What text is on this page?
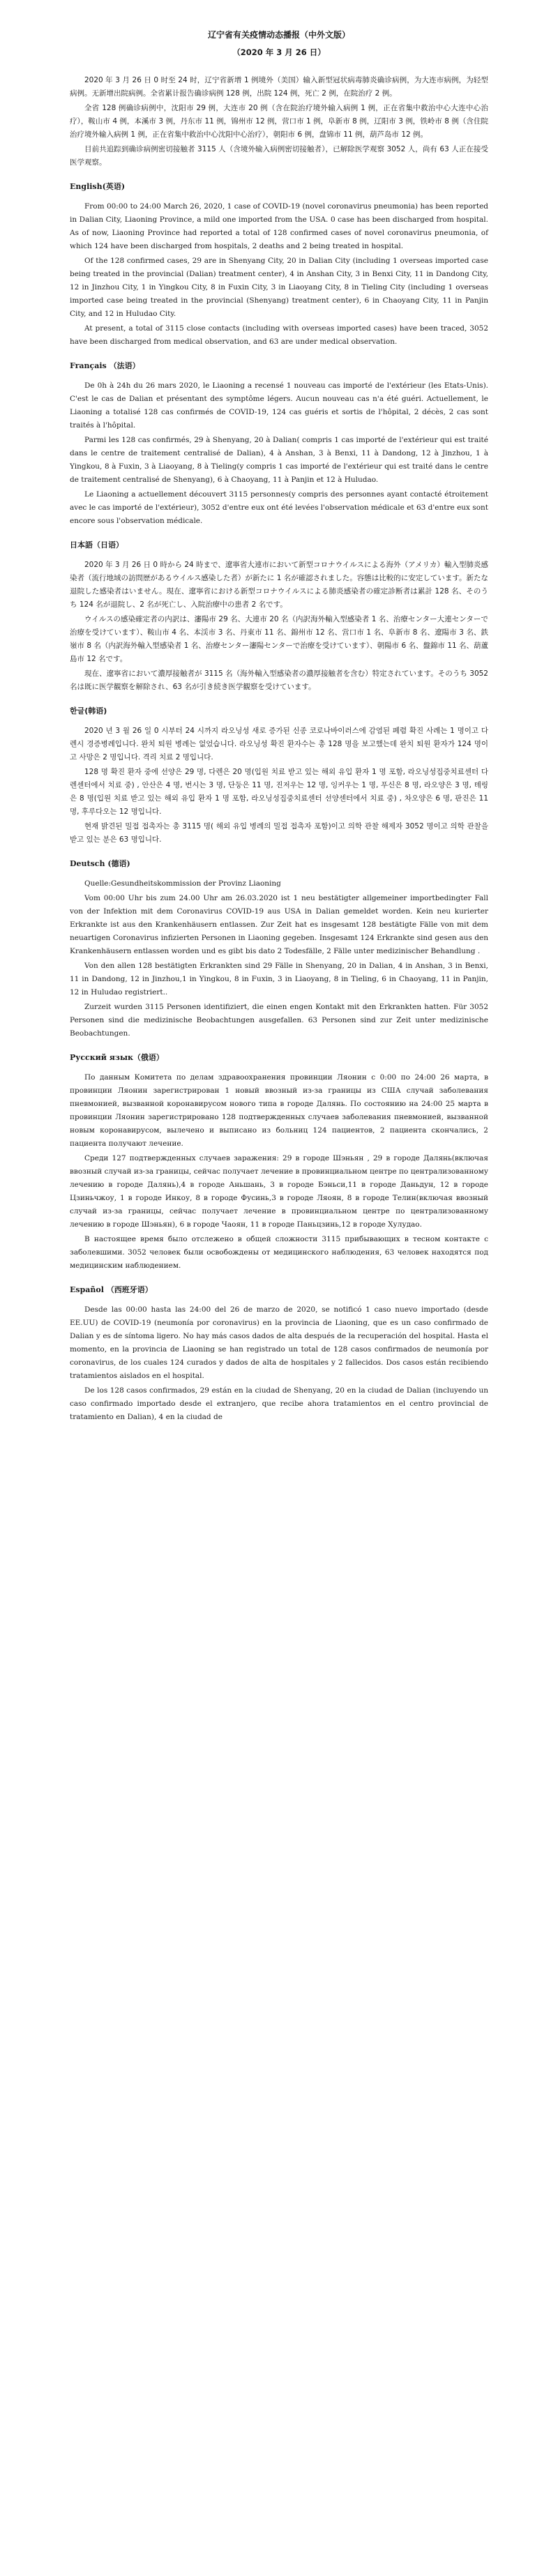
辽宁省有关疫情动态播报（中外文版）
（2020 年 3 月 26 日）
2020 年 3 月 26 日 0 时至 24 时，辽宁省新增 1 例境外（美国）输入新型冠状病毒肺炎确诊病例，为大连市病例，为轻型病例。无新增出院病例。全省累计报告确诊病例 128 例，出院 124 例，死亡 2 例，在院治疗 2 例。
全省 128 例确诊病例中，沈阳市 29 例，大连市 20 例（含在院治疗境外输入病例 1 例，正在省集中救治中心大连中心治疗），鞍山市 4 例，本溪市 3 例，丹东市 11 例，锦州市 12 例，营口市 1 例，阜新市 8 例，辽阳市 3 例，铁岭市 8 例（含住院治疗境外输入病例 1 例，正在省集中救治中心沈阳中心治疗），朝阳市 6 例，盘锦市 11 例，葫芦岛市 12 例。
目前共追踪到确诊病例密切接触者 3115 人（含境外输入病例密切接触者），已解除医学观察 3052 人，尚有 63 人正在接受医学观察。
English(英语)
From 00:00 to 24:00 March 26, 2020, 1 case of COVID-19 (novel coronavirus pneumonia) has been reported in Dalian City, Liaoning Province, a mild one imported from the USA. 0 case has been discharged from hospital. As of now, Liaoning Province had reported a total of 128 confirmed cases of novel coronavirus pneumonia, of which 124 have been discharged from hospitals, 2 deaths and 2 being treated in hospital.
Of the 128 confirmed cases, 29 are in Shenyang City, 20 in Dalian City (including 1 overseas imported case being treated in the provincial (Dalian) treatment center), 4 in Anshan City, 3 in Benxi City, 11 in Dandong City, 12 in Jinzhou City, 1 in Yingkou City, 8 in Fuxin City, 3 in Liaoyang City, 8 in Tieling City (including 1 overseas imported case being treated in the provincial (Shenyang) treatment center), 6 in Chaoyang City, 11 in Panjin City, and 12 in Huludao City.
At present, a total of 3115 close contacts (including with overseas imported cases) have been traced, 3052 have been discharged from medical observation, and 63 are under medical observation.
Français （法语）
De 0h à 24h du 26 mars 2020, le Liaoning a recensé 1 nouveau cas importé de l'extérieur (les Etats-Unis). C'est le cas de Dalian et présentant des symptôme légers. Aucun nouveau cas n'a été guéri. Actuellement, le Liaoning a totalisé 128 cas confirmés de COVID-19, 124 cas guéris et sortis de l'hôpital, 2 décès, 2 cas sont traités à l'hôpital.
Parmi les 128 cas confirmés, 29 à Shenyang, 20 à Dalian( compris 1 cas importé de l'extérieur qui est traité dans le centre de traitement centralisé de Dalian), 4 à Anshan, 3 à Benxi, 11 à Dandong, 12 à Jinzhou, 1 à Yingkou, 8 à Fuxin, 3 à Liaoyang, 8 à Tieling(y compris 1 cas importé de l'extérieur qui est traité dans le centre de traitement centralisé de Shenyang), 6 à Chaoyang, 11 à Panjin et 12 à Huludao.
Le Liaoning a actuellement découvert 3115 personnes(y compris des personnes ayant contacté étroitement avec le cas importé de l'extérieur), 3052 d'entre eux ont été levées l'observation médicale et 63 d'entre eux sont encore sous l'observation médicale.
日本語（日语）
2020 年 3 月 26 日 0 時から 24 時まで、遼寧省大連市において新型コロナウイルスによる海外（アメリカ）輸入型肺炎感染者（流行地域の訪問歴があるウイルス感染した者）が新たに 1 名が確認されました。容態は比較的に安定しています。新たな退院した感染者はいません。現在、遼寧省における新型コロナウイルスによる肺炎感染者の確定診断者は累計 128 名、そのうち 124 名が退院し、2 名が死亡し、入院治療中の患者 2 名です。
ウイルスの感染確定者の内訳は、瀋陽市 29 名、大連市 20 名（内訳海外輸入型感染者 1 名、治療センター大連センターで治療を受けています）、鞍山市 4 名、本渓市 3 名、丹東市 11 名、錦州市 12 名、営口市 1 名、阜新市 8 名、遼陽市 3 名、鉄嶺市 8 名（内訳海外輸入型感染者 1 名、治療センター瀋陽センターで治療を受けています）、朝陽市 6 名、盤錦市 11 名、葫蘆島市 12 名です。
現在、遼寧省において濃厚接触者が 3115 名（海外輸入型感染者の濃厚接触者を含む）特定されています。そのうち 3052 名は既に医学観察を解除され、63 名が引き続き医学観察を受けています。
한글(韩语)
2020 년 3 월 26 일 0 시부터 24 시까지 라오닝성 새로 증가된 신종 코로나바이러스에 감염된 폐렴 확진 사례는 1 명이고 다렌시 경증병례입니다. 완치 퇴원 병례는 없었습니다. 라오닝성 확진 환자수는 총 128 명을 보고했는데 완치 퇴원 환자가 124 명이고 사망은 2 명입니다. 격리 치료 2 명입니다.
128 명 확진 환자 중에 선양은 29 명, 다렌은 20 명(입원 치료 받고 있는 해외 유입 환자 1 명 포함, 라오닝성집중치료센터 다렌센터에서 치료 중) , 안산은 4 명, 번시는 3 명, 단둥은 11 명, 진저우는 12 명, 잉커우는 1 명, 푸신은 8 명, 라오양은 3 명, 톄링은 8 명(입원 치료 받고 있는 해외 유입 환자 1 명 포함, 라오닝성집중치료센터 선양센터에서 치료 중) , 차오양은 6 명, 판진은 11 명, 후루다오는 12 명입니다.
현재 밝견된 밀접 접촉자는 총 3115 명( 해외 유입 병례의 밀접 접촉자 포함)이고 의학 관찰 해제자 3052 명이고 의학 관찰을 받고 있는 분은 63 명입니다.
Deutsch (德语)
Quelle:Gesundheitskommission der Provinz Liaoning
Vom 00:00 Uhr bis zum 24.00 Uhr am 26.03.2020 ist 1 neu bestätigter allgemeiner importbedingter Fall von der Infektion mit dem Coronavirus COVID-19 aus USA in Dalian gemeldet worden. Kein neu kurierter Erkrankte ist aus den Krankenhäusern entlassen. Zur Zeit hat es insgesamt 128 bestätigte Fälle von mit dem neuartigen Coronavirus infizierten Personen in Liaoning gegeben. Insgesamt 124 Erkrankte sind gesen aus den Krankenhäusern entlassen worden und es gibt bis dato 2 Todesfälle, 2 Fälle unter medizinischer Behandlung .
Von den allen 128 bestätigten Erkrankten sind 29 Fälle in Shenyang, 20 in Dalian, 4 in Anshan, 3 in Benxi, 11 in Dandong, 12 in Jinzhou,1 in Yingkou, 8 in Fuxin, 3 in Liaoyang, 8 in Tieling, 6 in Chaoyang, 11 in Panjin, 12 in Huludao registriert..
Zurzeit wurden 3115 Personen identifiziert, die einen engen Kontakt mit den Erkrankten hatten. Für 3052 Personen sind die medizinische Beobachtungen ausgefallen. 63 Personen sind zur Zeit unter medizinische Beobachtungen.
Русский язык（俄语）
По данным Комитета по делам здравоохранения провинции Ляонин с 0:00 по 24:00 26 марта, в провинции Ляонин зарегистрирован 1 новый ввозный из-за границы из США случай заболевания пневмонией, вызванной коронавирусом нового типа в городе Далянь. По состоянию на 24:00 25 марта в провинции Ляонин зарегистрировано 128 подтвержденных случаев заболевания пневмонией, вызванной новым коронавирусом, вылечено и выписано из больниц 124 пациентов, 2 пациента скончались, 2 пациента получают лечение.
Среди 127 подтвержденных случаев заражения: 29 в городе Шэньян , 29 в городе Далянь(включая ввозный случай из-за границы, сейчас получает лечение в провинциальном центре по централизованному лечению в городе Далянь),4 в городе Аньшань, 3 в городе Бэньси,11 в городе Даньдун, 12 в городе Цзиньчжоу, 1 в городе Инкоу, 8 в городе Фусинь,3 в городе Ляоян, 8 в городе Телин(включая ввозный случай из-за границы, сейчас получает лечение в провинциальном центре по централизованному лечению в городе Шэньян), 6 в городе Чаоян, 11 в городе Паньцзинь,12 в городе Хулудао.
В настоящее время было отслежено в общей сложности 3115 прибывающих в тесном контакте с заболевшими. 3052 человек были освобождены от медицинского наблюдения, 63 человек находятся под медицинским наблюдением.
Español （西班牙语）
Desde las 00:00 hasta las 24:00 del 26 de marzo de 2020, se notificó 1 caso nuevo importado (desde EE.UU) de COVID-19 (neumonía por coronavirus) en la provincia de Liaoning, que es un caso confirmado de Dalian y es de síntoma ligero. No hay más casos dados de alta después de la recuperación del hospital. Hasta el momento, en la provincia de Liaoning se han registrado un total de 128 casos confirmados de neumonía por coronavirus, de los cuales 124 curados y dados de alta de hospitales y 2 fallecidos. Dos casos están recibiendo tratamientos aislados en el hospital.
De los 128 casos confirmados, 29 están en la ciudad de Shenyang, 20 en la ciudad de Dalian (incluyendo un caso confirmado importado desde el extranjero, que recibe ahora tratamientos en el centro provincial de tratamiento en Dalian), 4 en la ciudad de
